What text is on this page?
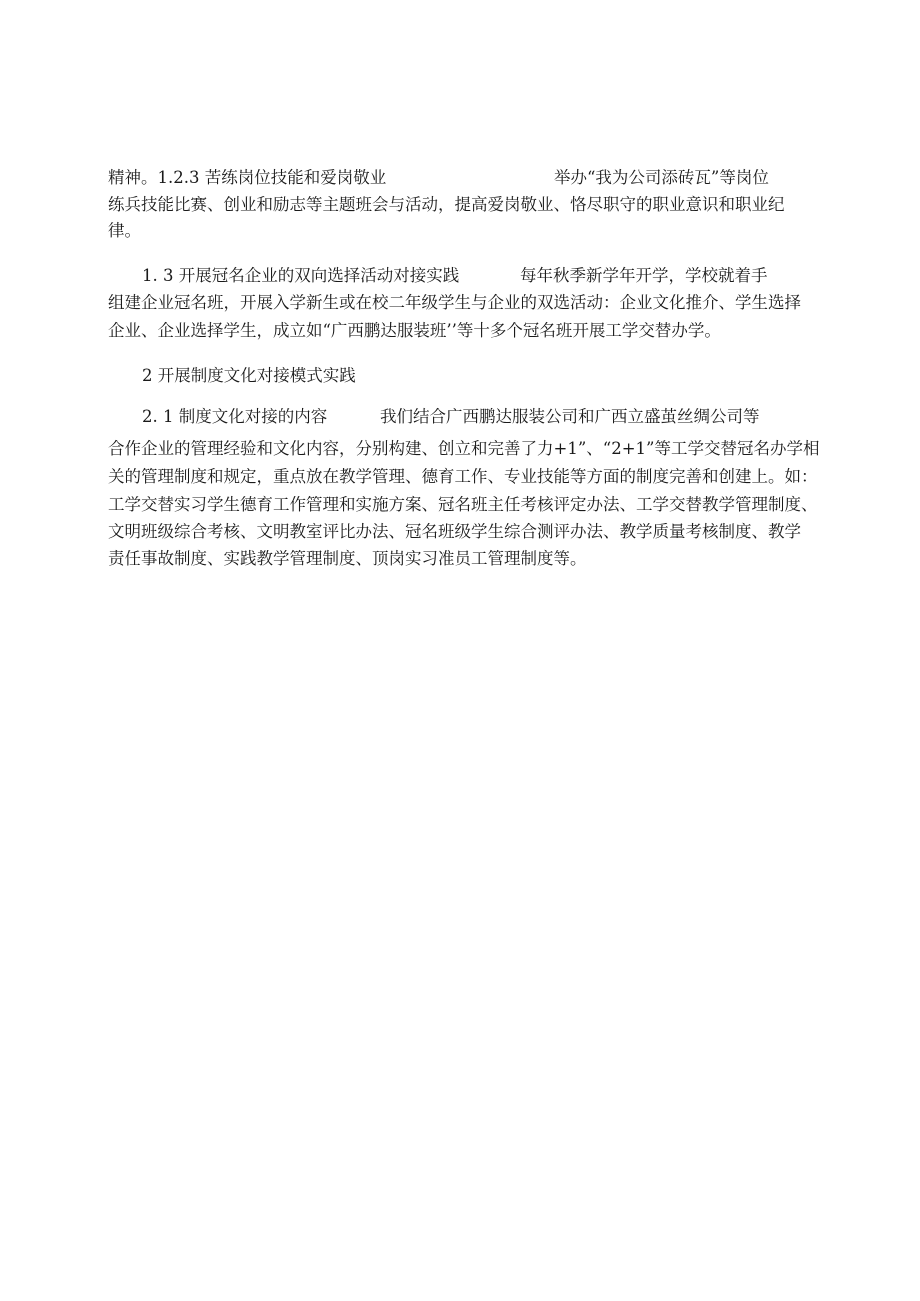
精神。1.2.3 苦练岗位技能和爱岗敬业	举办“我为公司添砖瓦”等岗位
练兵技能比赛、创业和励志等主题班会与活动，提高爱岗敬业、恪尽职守的职业意识和职业纪
律。
1. 3 开展冠名企业的双向选择活动对接实践	每年秋季新学年开学，学校就着手
组建企业冠名班，开展入学新生或在校二年级学生与企业的双选活动：企业文化推介、学生选择
企业、企业选择学生，成立如“广西鹏达服装班’’等十多个冠名班开展工学交替办学。
2 开展制度文化对接模式实践
2. 1 制度文化对接的内容	我们结合广西鹏达服装公司和广西立盛茧丝绸公司等
合作企业的管理经验和文化内容，分别构建、创立和完善了力+1”、“2+1”等工学交替冠名办学相
关的管理制度和规定，重点放在教学管理、德育工作、专业技能等方面的制度完善和创建上。如：
工学交替实习学生德育工作管理和实施方案、冠名班主任考核评定办法、工学交替教学管理制度、
文明班级综合考核、文明教室评比办法、冠名班级学生综合测评办法、教学质量考核制度、教学
责任事故制度、实践教学管理制度、顶岗实习准员工管理制度等。
